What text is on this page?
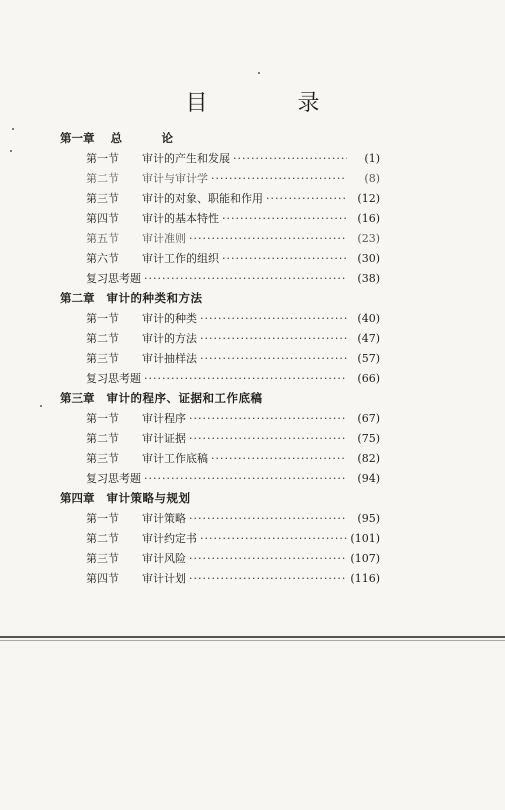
目　录
第一章 总　论
第一节	审计的产生和发展 ·····	(1)
第二节	审计与审计学 ·····	(8)
第三节	审计的对象、职能和作用 ·····	(12)
第四节	审计的基本特性 ·····	(16)
第五节	审计准则 ·····	(23)
第六节	审计工作的组织 ·····	(30)
复习思考题 ·····	(38)
第二章 审计的种类和方法
第一节	审计的种类 ·····	(40)
第二节	审计的方法 ·····	(47)
第三节	审计抽样法 ·····	(57)
复习思考题 ·····	(66)
第三章 审计的程序、证据和工作底稿
第一节	审计程序 ·····	(67)
第二节	审计证据 ·····	(75)
第三节	审计工作底稿 ·····	(82)
复习思考题 ·····	(94)
第四章 审计策略与规划
第一节	审计策略 ·····	(95)
第二节	审计约定书 ·····	(101)
第三节	审计风险 ·····	(107)
第四节	审计计划 ·····	(116)
